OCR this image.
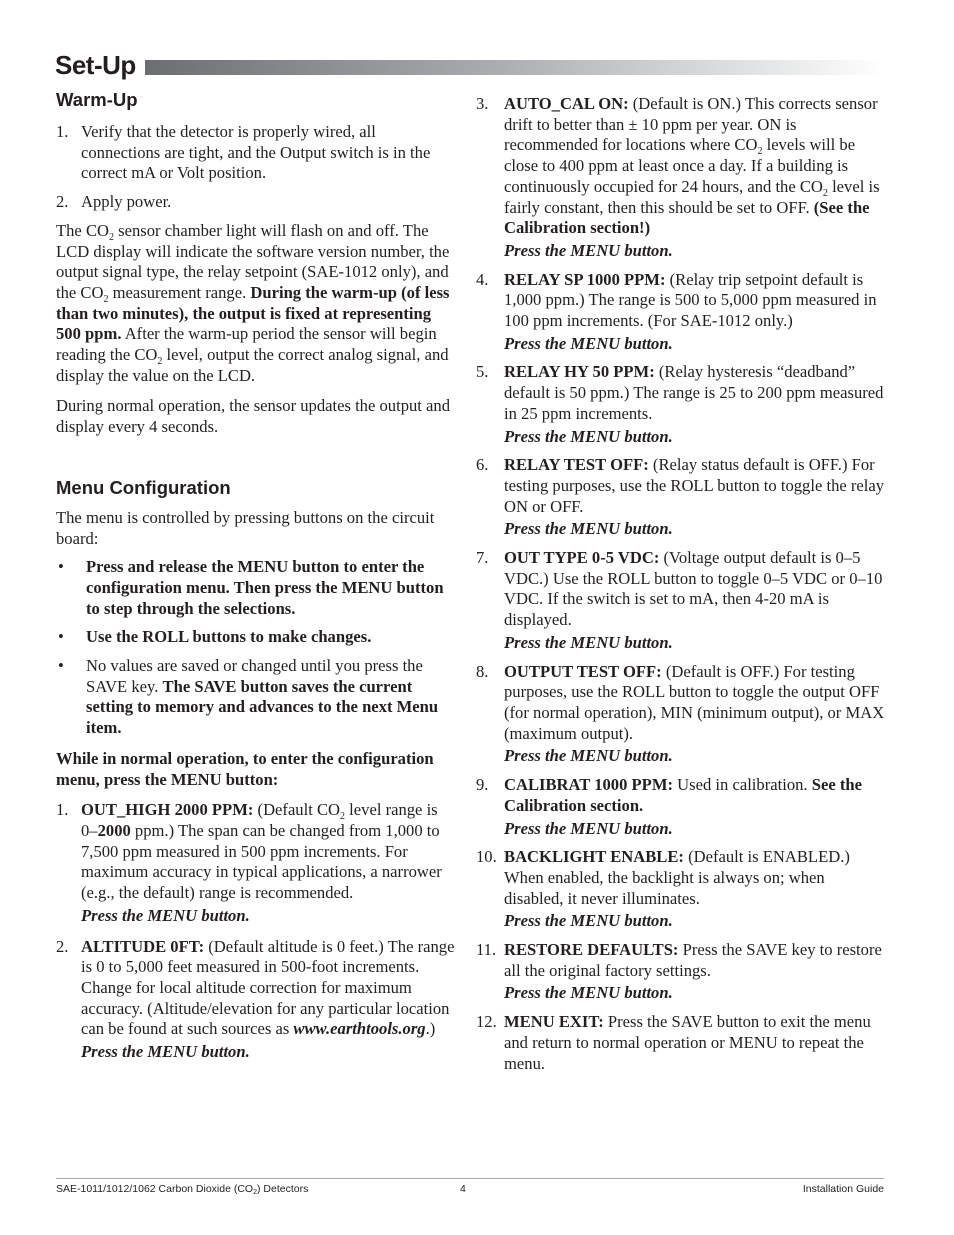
Set-Up
Warm-Up
1. Verify that the detector is properly wired, all connections are tight, and the Output switch is in the correct mA or Volt position.
2. Apply power.

The $CO_2$ sensor chamber light will flash on and off. The LCD display will indicate the software version number, the output signal type, the relay setpoint (SAE-1012 only), and the $CO_2$ measurement range. During the warm-up (of less than two minutes), the output is fixed at representing 500 ppm. After the warm-up period the sensor will begin reading the $CO_2$ level, output the correct analog signal, and display the value on the LCD.

During normal operation, the sensor updates the output and display every 4 seconds.

Menu Configuration

The menu is controlled by pressing buttons on the circuit board:

•	Press and release the MENU button to enter the configuration menu. Then press the MENU button to step through the selections.
•	Use the ROLL buttons to make changes.
•	No values are saved or changed until you press the SAVE key. The SAVE button saves the current setting to memory and advances to the next Menu item.

While in normal operation, to enter the configuration menu, press the MENU button:

1. OUT_HIGH 2000 PPM: (Default $CO_2$ level range is 0–2000 ppm.) The span can be changed from 1,000 to 7,500 ppm measured in 500 ppm increments. For maximum accuracy in typical applications, a narrower (e.g., the default) range is recommended.
Press the MENU button.
2. ALTITUDE 0FT: (Default altitude is 0 feet.) The range is 0 to 5,000 feet measured in 500-foot increments. Change for local altitude correction for maximum accuracy. (Altitude/elevation for any particular location can be found at such sources as www.earthtools.org.)
Press the MENU button.
3. AUTO_CAL ON: (Default is ON.) This corrects sensor drift to better than ± 10 ppm per year. ON is recommended for locations where $CO_2$ levels will be close to 400 ppm at least once a day. If a building is continuously occupied for 24 hours, and the $CO_2$ level is fairly constant, then this should be set to OFF. (See the Calibration section!)
Press the MENU button.
4. RELAY SP 1000 PPM: (Relay trip setpoint default is 1,000 ppm.) The range is 500 to 5,000 ppm measured in 100 ppm increments. (For SAE-1012 only.)
Press the MENU button.
5. RELAY HY 50 PPM: (Relay hysteresis “deadband” default is 50 ppm.) The range is 25 to 200 ppm measured in 25 ppm increments.
Press the MENU button.
6. RELAY TEST OFF: (Relay status default is OFF.) For testing purposes, use the ROLL button to toggle the relay ON or OFF.
Press the MENU button.
7. OUT TYPE 0-5 VDC: (Voltage output default is 0–5 VDC.) Use the ROLL button to toggle 0–5 VDC or 0–10 VDC. If the switch is set to mA, then 4-20 mA is displayed.
Press the MENU button.
8. OUTPUT TEST OFF: (Default is OFF.) For testing purposes, use the ROLL button to toggle the output OFF (for normal operation), MIN (minimum output), or MAX (maximum output).
Press the MENU button.
9. CALIBRAT 1000 PPM: Used in calibration. See the Calibration section.
Press the MENU button.
10. BACKLIGHT ENABLE: (Default is ENABLED.) When enabled, the backlight is always on; when disabled, it never illuminates.
Press the MENU button.
11. RESTORE DEFAULTS: Press the SAVE key to restore all the original factory settings.
Press the MENU button.
12. MENU EXIT: Press the SAVE button to exit the menu and return to normal operation or MENU to repeat the menu.
SAE-1011/1012/1062 Carbon Dioxide $(CO_2)$ Detectors	4	Installation Guide
